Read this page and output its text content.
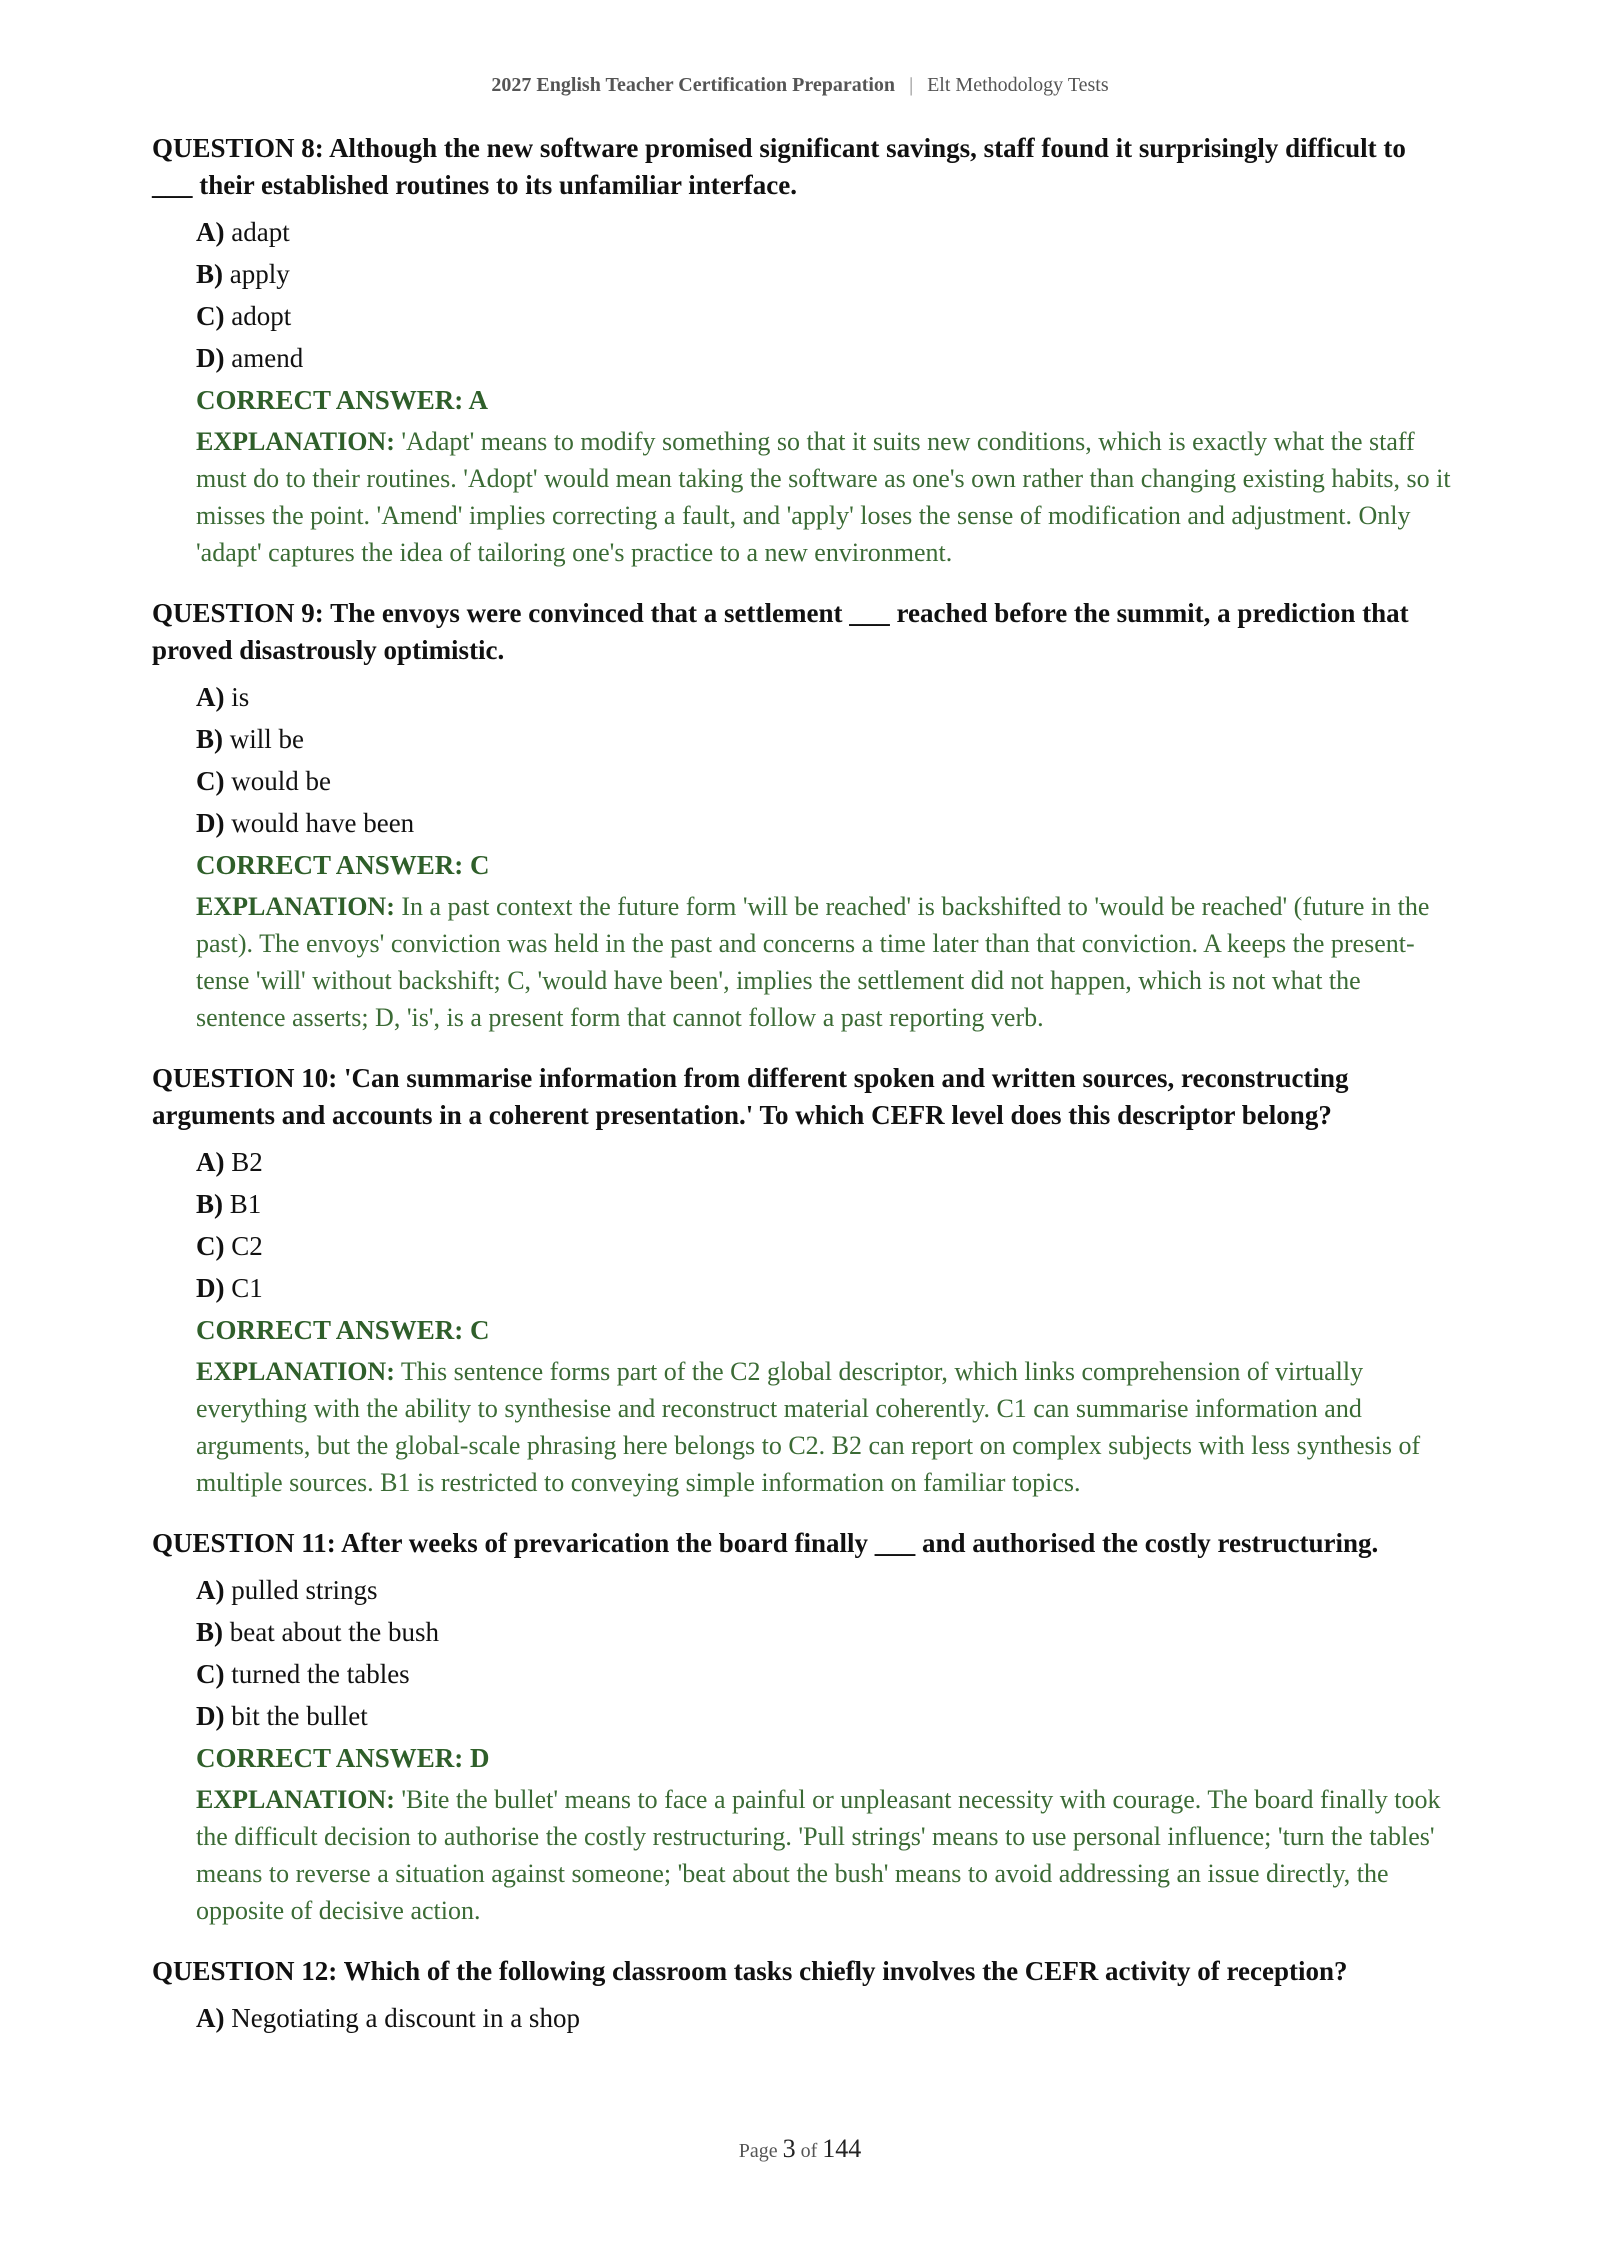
2027 English Teacher Certification Preparation | Elt Methodology Tests

QUESTION 8: Although the new software promised significant savings, staff found it surprisingly difficult to ___ their established routines to its unfamiliar interface.

A) adapt
B) apply
C) adopt
D) amend
CORRECT ANSWER: A
EXPLANATION: 'Adapt' means to modify something so that it suits new conditions, which is exactly what the staff must do to their routines. 'Adopt' would mean taking the software as one's own rather than changing existing habits, so it misses the point. 'Amend' implies correcting a fault, and 'apply' loses the sense of modification and adjustment. Only 'adapt' captures the idea of tailoring one's practice to a new environment.

QUESTION 9: The envoys were convinced that a settlement ___ reached before the summit, a prediction that proved disastrously optimistic.

A) is
B) will be
C) would be
D) would have been
CORRECT ANSWER: C
EXPLANATION: In a past context the future form 'will be reached' is backshifted to 'would be reached' (future in the past). The envoys' conviction was held in the past and concerns a time later than that conviction. A keeps the present-tense 'will' without backshift; C, 'would have been', implies the settlement did not happen, which is not what the sentence asserts; D, 'is', is a present form that cannot follow a past reporting verb.

QUESTION 10: 'Can summarise information from different spoken and written sources, reconstructing arguments and accounts in a coherent presentation.' To which CEFR level does this descriptor belong?

A) B2
B) B1
C) C2
D) C1
CORRECT ANSWER: C
EXPLANATION: This sentence forms part of the C2 global descriptor, which links comprehension of virtually everything with the ability to synthesise and reconstruct material coherently. C1 can summarise information and arguments, but the global-scale phrasing here belongs to C2. B2 can report on complex subjects with less synthesis of multiple sources. B1 is restricted to conveying simple information on familiar topics.

QUESTION 11: After weeks of prevarication the board finally ___ and authorised the costly restructuring.

A) pulled strings
B) beat about the bush
C) turned the tables
D) bit the bullet
CORRECT ANSWER: D
EXPLANATION: 'Bite the bullet' means to face a painful or unpleasant necessity with courage. The board finally took the difficult decision to authorise the costly restructuring. 'Pull strings' means to use personal influence; 'turn the tables' means to reverse a situation against someone; 'beat about the bush' means to avoid addressing an issue directly, the opposite of decisive action.

QUESTION 12: Which of the following classroom tasks chiefly involves the CEFR activity of reception?

A) Negotiating a discount in a shop
Page 3 of 144
